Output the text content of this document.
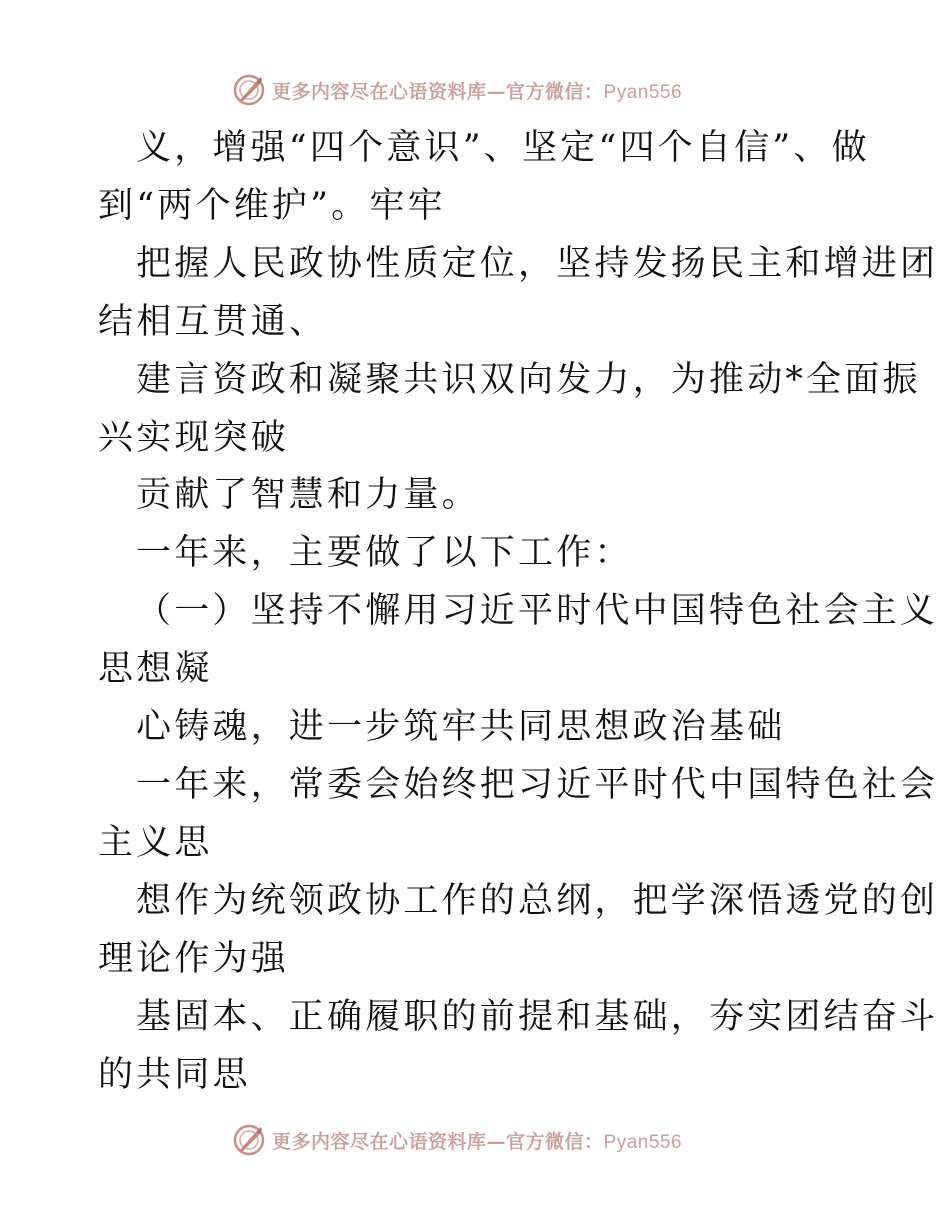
更多内容尽在心语资料库—官方微信：Pyan556

义，增强“四个意识”、坚定“四个自信”、做

到“两个维护”。牢牢

把握人民政协性质定位，坚持发扬民主和增进团

结相互贯通、

建言资政和凝聚共识双向发力，为推动*全面振

兴实现突破

贡献了智慧和力量。

一年来，主要做了以下工作：

（一）坚持不懈用习近平时代中国特色社会主义

思想凝

心铸魂，进一步筑牢共同思想政治基础

一年来，常委会始终把习近平时代中国特色社会

主义思

想作为统领政协工作的总纲，把学深悟透党的创

理论作为强

基固本、正确履职的前提和基础，夯实团结奋斗

的共同思

更多内容尽在心语资料库—官方微信：Pyan556
